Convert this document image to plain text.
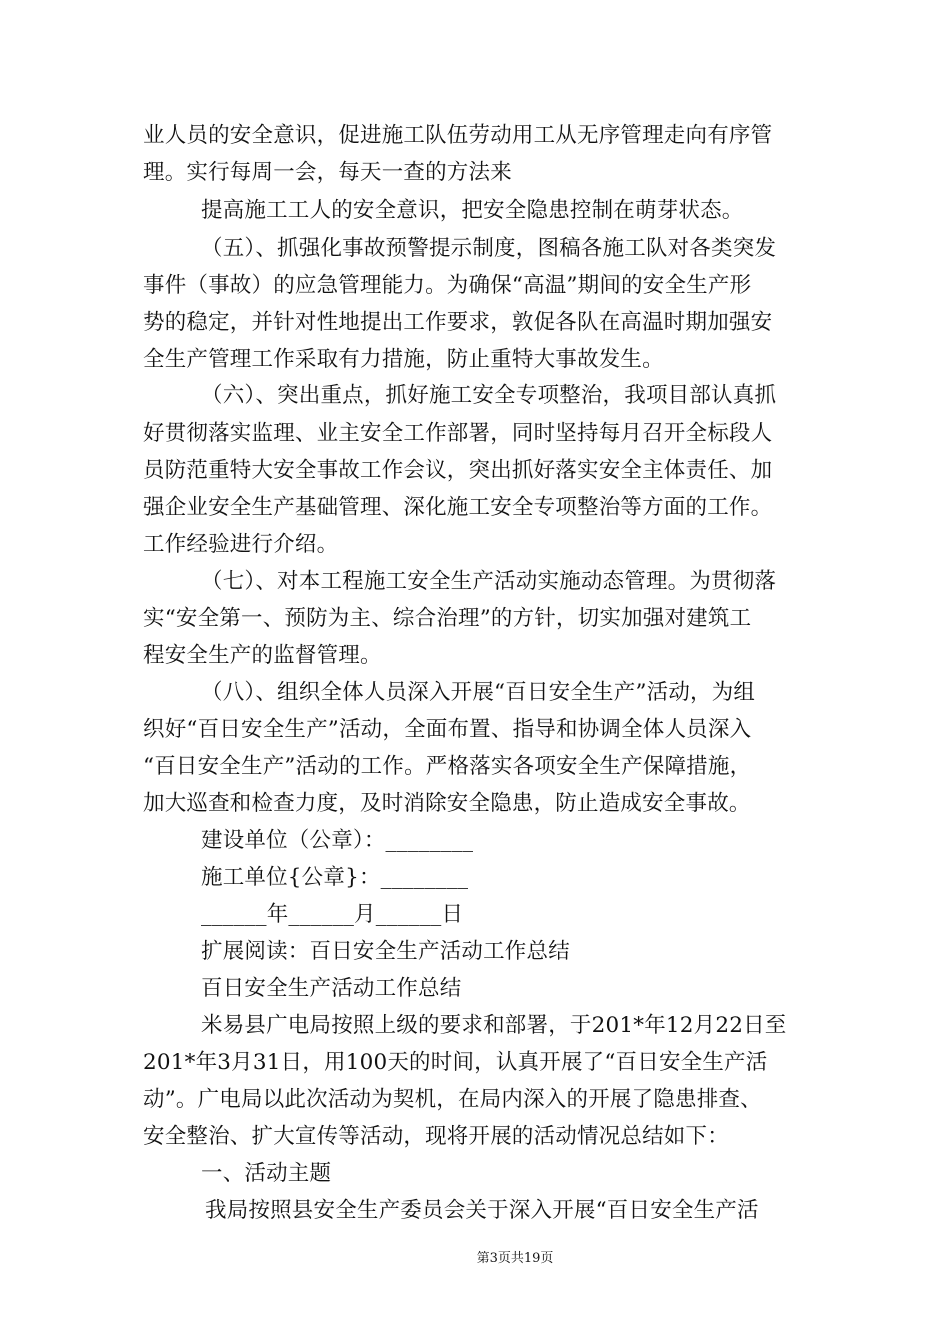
业人员的安全意识，促进施工队伍劳动用工从无序管理走向有序管
理。实行每周一会，每天一查的方法来
提高施工工人的安全意识，把安全隐患控制在萌芽状态。
（五）、抓强化事故预警提示制度，图稿各施工队对各类突发
事件（事故）的应急管理能力。为确保“高温”期间的安全生产形
势的稳定，并针对性地提出工作要求，敦促各队在高温时期加强安
全生产管理工作采取有力措施，防止重特大事故发生。
（六）、突出重点，抓好施工安全专项整治，我项目部认真抓
好贯彻落实监理、业主安全工作部署，同时坚持每月召开全标段人
员防范重特大安全事故工作会议，突出抓好落实安全主体责任、加
强企业安全生产基础管理、深化施工安全专项整治等方面的工作。
工作经验进行介绍。
（七）、对本工程施工安全生产活动实施动态管理。为贯彻落
实“安全第一、预防为主、综合治理”的方针，切实加强对建筑工
程安全生产的监督管理。
（八）、组织全体人员深入开展“百日安全生产”活动，为组
织好“百日安全生产”活动，全面布置、指导和协调全体人员深入
“百日安全生产”活动的工作。严格落实各项安全生产保障措施，
加大巡查和检查力度，及时消除安全隐患，防止造成安全事故。
建设单位（公章）：________
施工单位{公章}：________
______年______月______日
扩展阅读：百日安全生产活动工作总结
百日安全生产活动工作总结
米易县广电局按照上级的要求和部署，于201*年12月22日至
201*年3月31日，用100天的时间，认真开展了“百日安全生产活
动”。广电局以此次活动为契机，在局内深入的开展了隐患排查、
安全整治、扩大宣传等活动，现将开展的活动情况总结如下：
一、活动主题
我局按照县安全生产委员会关于深入开展“百日安全生产活
第3页共19页
